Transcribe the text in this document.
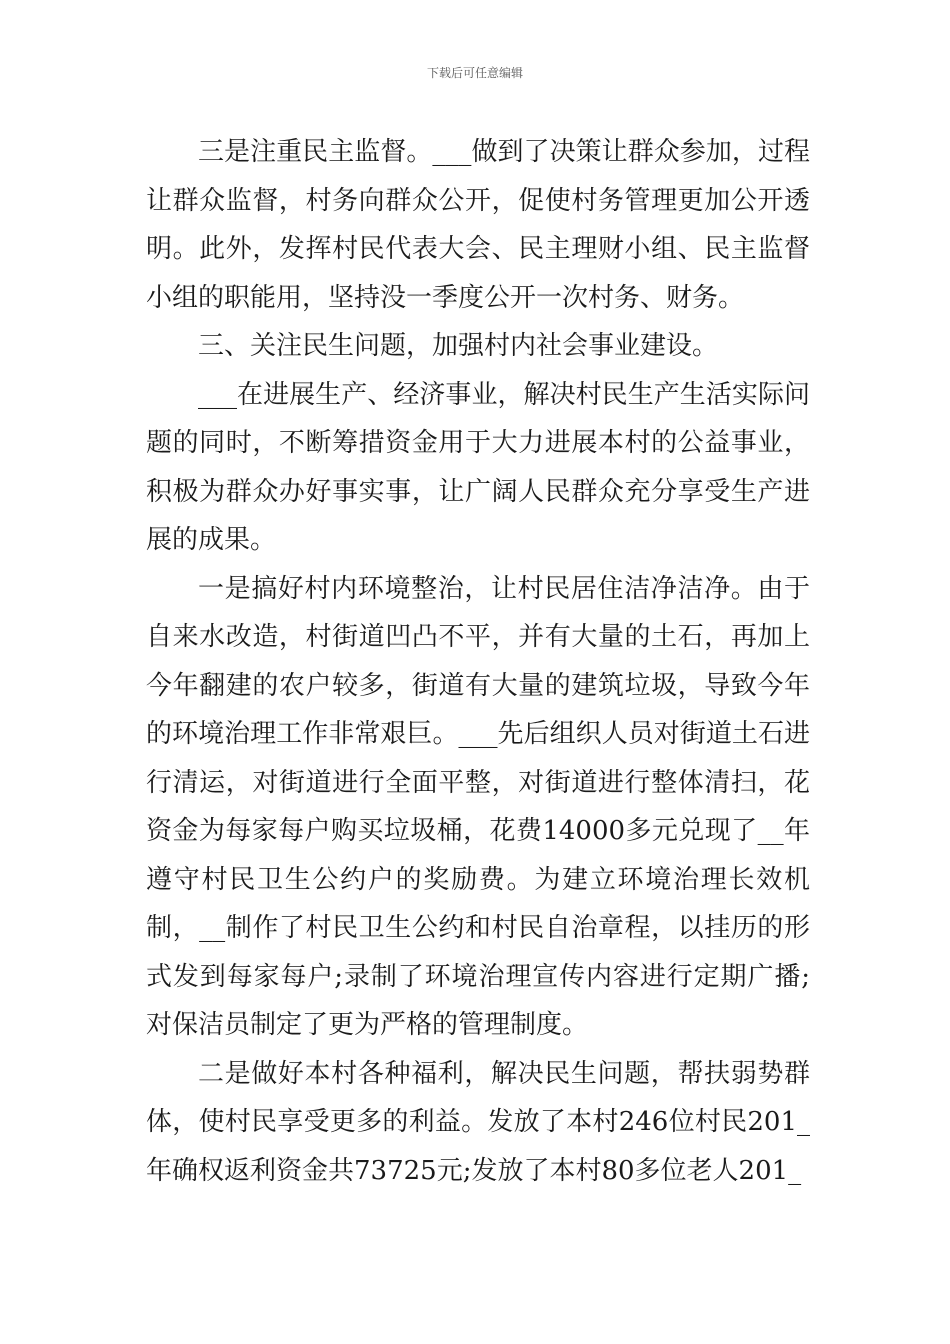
下载后可任意编辑

三是注重民主监督。___做到了决策让群众参加，过程让群众监督，村务向群众公开，促使村务管理更加公开透明。此外，发挥村民代表大会、民主理财小组、民主监督小组的职能用，坚持没一季度公开一次村务、财务。

三、关注民生问题，加强村内社会事业建设。

___在进展生产、经济事业，解决村民生产生活实际问题的同时，不断筹措资金用于大力进展本村的公益事业，积极为群众办好事实事，让广阔人民群众充分享受生产进展的成果。

一是搞好村内环境整治，让村民居住洁净洁净。由于自来水改造，村街道凹凸不平，并有大量的土石，再加上今年翻建的农户较多，街道有大量的建筑垃圾，导致今年的环境治理工作非常艰巨。___先后组织人员对街道土石进行清运，对街道进行全面平整，对街道进行整体清扫，花资金为每家每户购买垃圾桶，花费14000多元兑现了__年遵守村民卫生公约户的奖励费。为建立环境治理长效机制，__制作了村民卫生公约和村民自治章程，以挂历的形式发到每家每户;录制了环境治理宣传内容进行定期广播;对保洁员制定了更为严格的管理制度。

二是做好本村各种福利，解决民生问题，帮扶弱势群体，使村民享受更多的利益。发放了本村246位村民201_年确权返利资金共73725元;发放了本村80多位老人201_
